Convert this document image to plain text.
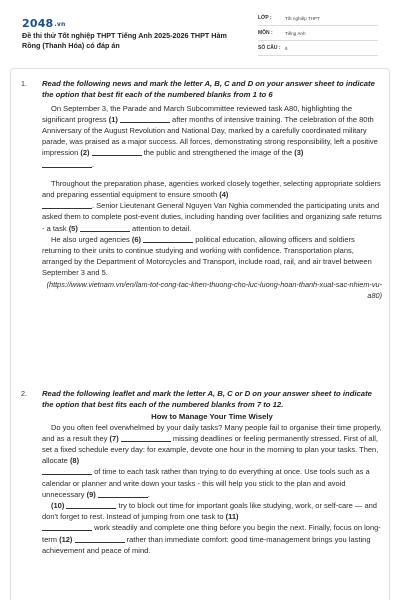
2048.vn
Đề thi thử Tốt nghiệp THPT Tiếng Anh 2025-2026 THPT Hàm Rồng (Thanh Hóa) có đáp án
LỚP :	Tốt nghiệp THPT
MÔN :	Tiếng Anh
SỐ CÂU : 6
1. Read the following news and mark the letter A, B, C and D on your answer sheet to indicate the option that best fit each of the numbered blanks from 1 to 6
On September 3, the Parade and March Subcommittee reviewed task A80, highlighting the significant progress (1)	after months of intensive training. The celebration of the 80th Anniversary of the August Revolution and National Day, marked by a carefully coordinated military parade, was praised as a major success. All forces, demonstrating strong responsibility, left a positive impression (2)	the public and strengthened the image of the (3)
.
Throughout the preparation phase, agencies worked closely together, selecting appropriate soldiers and preparing essential equipment to ensure smooth (4)
. Senior Lieutenant General Nguyen Van Nghia commended the participating units and asked them to complete post-event duties, including handing over facilities and organizing safe returns - a task (5)	attention to detail.
He also urged agencies (6)	political education, allowing officers and soldiers returning to their units to continue studying and working with confidence. Transportation plans, arranged by the Department of Motorcycles and Transport, include road, rail, and air travel between September 3 and 5.
(https://www.vietnam.vn/en/lam-tot-cong-tac-khen-thuong-cho-luc-luong-hoan-thanh-xuat-sac-nhiem-vu-a80)
2. Read the following leaflet and mark the letter A, B, C or D on your answer sheet to indicate the option that best fits each of the numbered blanks from 7 to 12.
How to Manage Your Time Wisely
Do you often feel overwhelmed by your daily tasks? Many people fail to organise their time properly, and as a result they (7)	missing deadlines or feeling permanently stressed. First of all, set a fixed schedule every day: for example, devote one hour in the morning to plan your tasks. Then, allocate (8)
of time to each task rather than trying to do everything at once. Use tools such as a calendar or planner and write down your tasks - this will help you stick to the plan and avoid unnecessary (9)	.
(10)	try to block out time for important goals like studying, work, or self-care — and don't forget to rest. Instead of jumping from one task to (11)
work steadily and complete one thing before you begin the next. Finally, focus on long-term (12)	rather than immediate comfort: good time-management brings you lasting achievement and peace of mind.
